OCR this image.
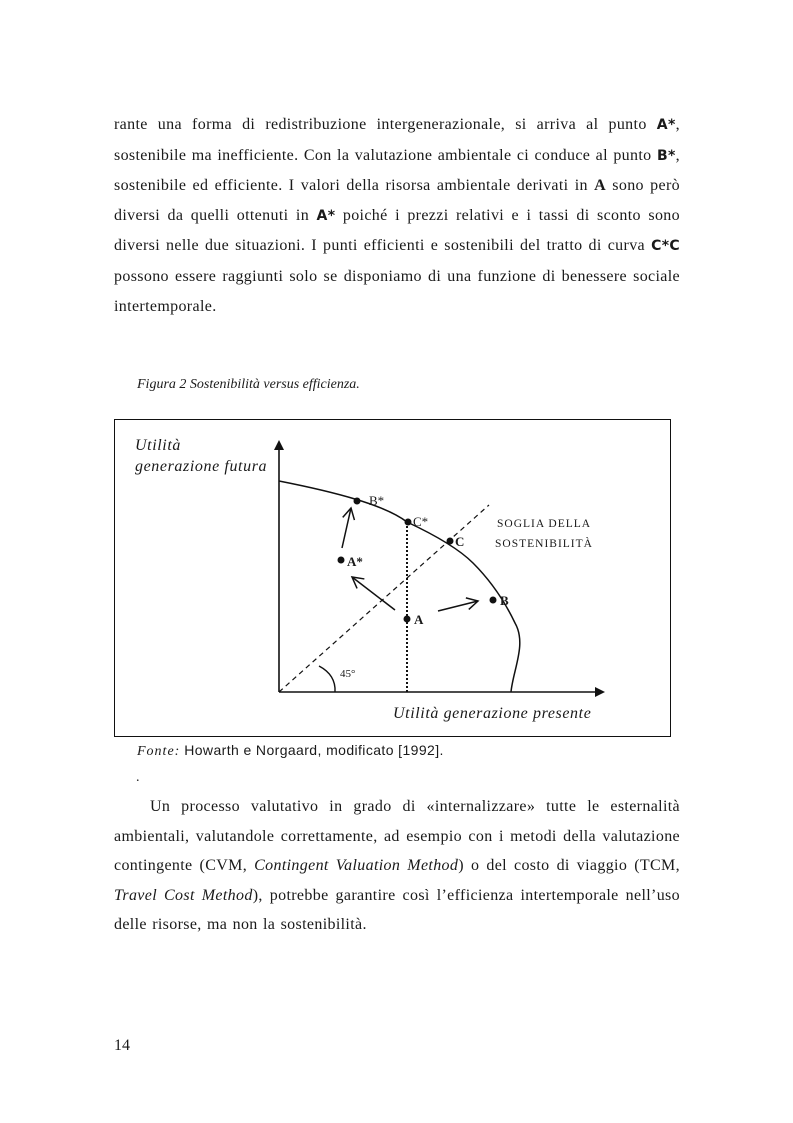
rante una forma di redistribuzione intergenerazionale, si arriva al punto A*, sostenibile ma inefficiente. Con la valutazione ambientale ci conduce al punto B*, sostenibile ed efficiente. I valori della risorsa ambientale derivati in A sono però diversi da quelli ottenuti in A* poiché i prezzi relativi e i tassi di sconto sono diversi nelle due situazioni. I punti efficienti e sostenibili del tratto di curva C*C possono essere raggiunti solo se disponiamo di una funzione di benessere sociale intertemporale.

Figura 2 Sostenibilità versus efficienza.

Utilità
generazione futura
Utilità generazione presente
SOGLIA DELLA
SOSTENIBILITÀ
45°
B*
C*
C
A*
B
A

Fonte: Howarth e Norgaard, modificato [1992].

.

Un processo valutativo in grado di «internalizzare» tutte le esternalità ambientali, valutandole correttamente, ad esempio con i metodi della valutazione contingente (CVM, Contingent Valuation Method) o del costo di viaggio (TCM, Travel Cost Method), potrebbe garantire così l’efficienza intertemporale nell’uso delle risorse, ma non la sostenibilità.

14
